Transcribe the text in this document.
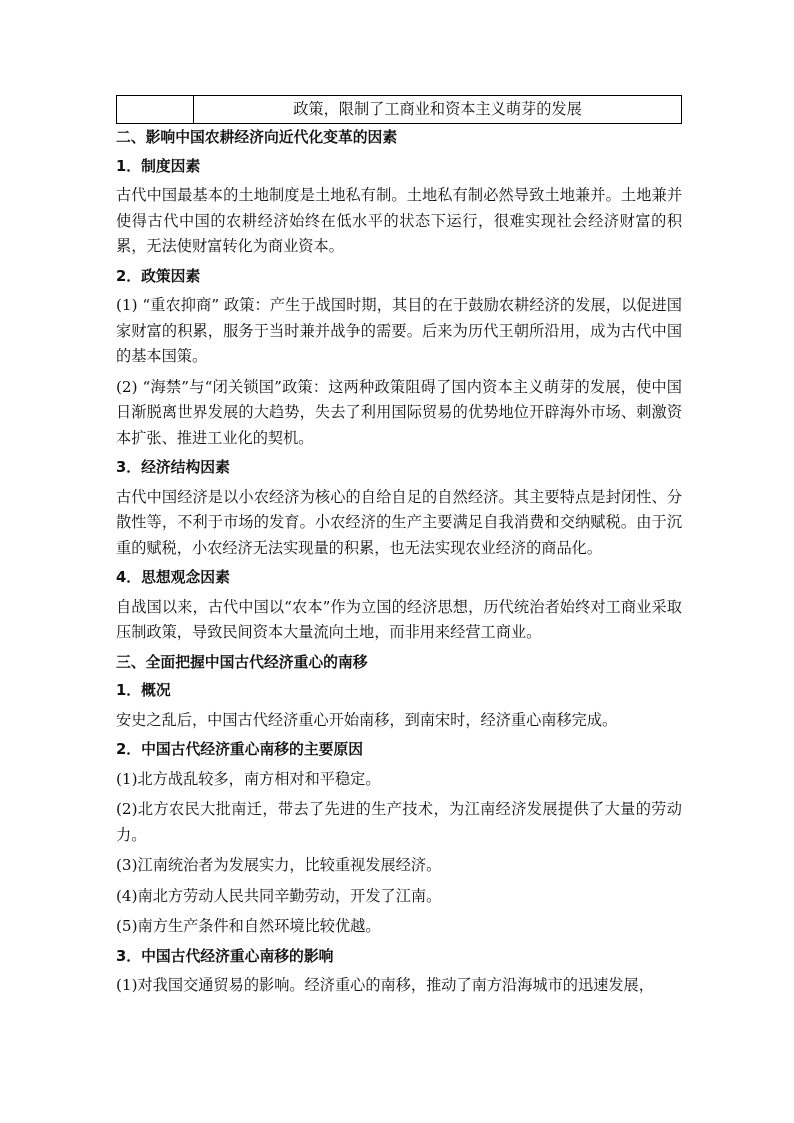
	政策，限制了工商业和资本主义萌芽的发展
二、影响中国农耕经济向近代化变革的因素
1．制度因素

古代中国最基本的土地制度是土地私有制。土地私有制必然导致土地兼并。土地兼并使得古代中国的农耕经济始终在低水平的状态下运行，很难实现社会经济财富的积累，无法使财富转化为商业资本。

2．政策因素

(1) “重农抑商” 政策：产生于战国时期，其目的在于鼓励农耕经济的发展，以促进国家财富的积累，服务于当时兼并战争的需要。后来为历代王朝所沿用，成为古代中国的基本国策。

(2) “海禁”与“闭关锁国”政策：这两种政策阻碍了国内资本主义萌芽的发展，使中国日渐脱离世界发展的大趋势，失去了利用国际贸易的优势地位开辟海外市场、刺激资本扩张、推进工业化的契机。

3．经济结构因素

古代中国经济是以小农经济为核心的自给自足的自然经济。其主要特点是封闭性、分散性等，不利于市场的发育。小农经济的生产主要满足自我消费和交纳赋税。由于沉重的赋税，小农经济无法实现量的积累，也无法实现农业经济的商品化。

4．思想观念因素

自战国以来，古代中国以“农本”作为立国的经济思想，历代统治者始终对工商业采取压制政策，导致民间资本大量流向土地，而非用来经营工商业。

三、全面把握中国古代经济重心的南移
1．概况

安史之乱后，中国古代经济重心开始南移，到南宋时，经济重心南移完成。

2．中国古代经济重心南移的主要原因

(1)北方战乱较多，南方相对和平稳定。

(2)北方农民大批南迁，带去了先进的生产技术，为江南经济发展提供了大量的劳动力。

(3)江南统治者为发展实力，比较重视发展经济。

(4)南北方劳动人民共同辛勤劳动，开发了江南。

(5)南方生产条件和自然环境比较优越。

3．中国古代经济重心南移的影响

(1)对我国交通贸易的影响。经济重心的南移，推动了南方沿海城市的迅速发展，
